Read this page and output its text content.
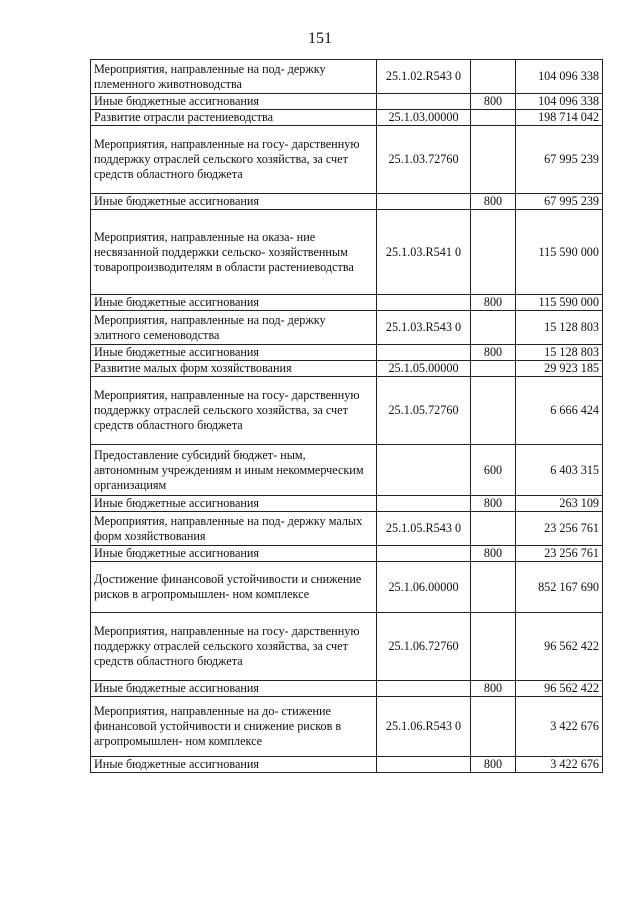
151
Мероприятия, направленные на под- держку племенного животноводства	25.1.02.R543 0		104 096 338
Иные бюджетные ассигнования		800	104 096 338
Развитие отрасли растениеводства	25.1.03.00000		198 714 042
Мероприятия, направленные на госу- дарственную поддержку отраслей сельского хозяйства, за счет средств областного бюджета	25.1.03.72760		67 995 239
Иные бюджетные ассигнования		800	67 995 239
Мероприятия, направленные на оказа- ние несвязанной поддержки сельско- хозяйственным товаропроизводителям в области растениеводства	25.1.03.R541 0		115 590 000
Иные бюджетные ассигнования		800	115 590 000
Мероприятия, направленные на под- держку элитного семеноводства	25.1.03.R543 0		15 128 803
Иные бюджетные ассигнования		800	15 128 803
Развитие малых форм хозяйствования	25.1.05.00000		29 923 185
Мероприятия, направленные на госу- дарственную поддержку отраслей сельского хозяйства, за счет средств областного бюджета	25.1.05.72760		6 666 424
Предоставление субсидий бюджет- ным, автономным учреждениям и иным некоммерческим организациям		600	6 403 315
Иные бюджетные ассигнования		800	263 109
Мероприятия, направленные на под- держку малых форм хозяйствования	25.1.05.R543 0		23 256 761
Иные бюджетные ассигнования		800	23 256 761
Достижение финансовой устойчивости и снижение рисков в агропромышлен- ном комплексе	25.1.06.00000		852 167 690
Мероприятия, направленные на госу- дарственную поддержку отраслей сельского хозяйства, за счет средств областного бюджета	25.1.06.72760		96 562 422
Иные бюджетные ассигнования		800	96 562 422
Мероприятия, направленные на до- стижение финансовой устойчивости и снижение рисков в агропромышлен- ном комплексе	25.1.06.R543 0		3 422 676
Иные бюджетные ассигнования		800	3 422 676
